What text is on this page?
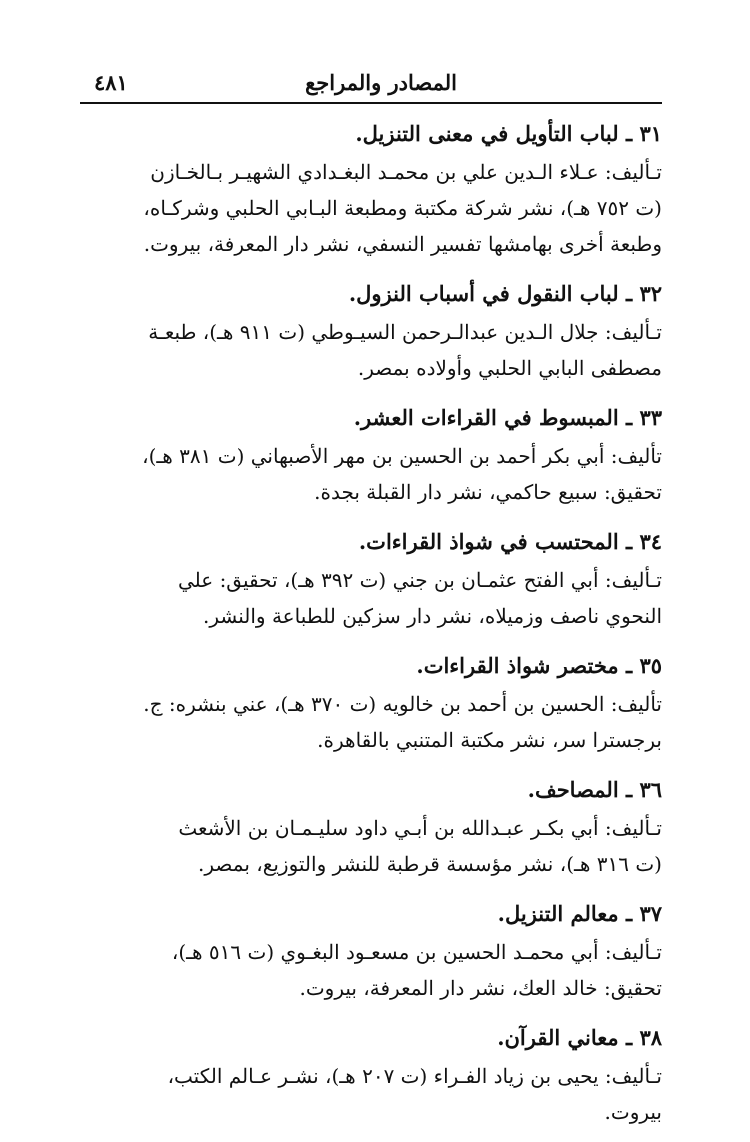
٤٨١	المصادر والمراجع
٣١ ـ لباب التأويل في معنى التنزيل.
تـأليف: عـلاء الـدين علي بن محمـد البغـدادي الشهيـر بـالخـازن
(ت ٧٥٢ هـ)، نشر شركة مكتبة ومطبعة البـابي الحلبي وشركـاه،
وطبعة أخرى بهامشها تفسير النسفي، نشر دار المعرفة، بيروت.
٣٢ ـ لباب النقول في أسباب النزول.
تـأليف: جلال الـدين عبدالـرحمن السيـوطي (ت ٩١١ هـ)، طبعـة
مصطفى البابي الحلبي وأولاده بمصر.
٣٣ ـ المبسوط في القراءات العشر.
تأليف: أبي بكر أحمد بن الحسين بن مهر الأصبهاني (ت ٣٨١ هـ)،
تحقيق: سبيع حاكمي، نشر دار القبلة بجدة.
٣٤ ـ المحتسب في شواذ القراءات.
تـأليف: أبي الفتح عثمـان بن جني (ت ٣٩٢ هـ)، تحقيق: علي
النحوي ناصف وزميلاه، نشر دار سزكين للطباعة والنشر.
٣٥ ـ مختصر شواذ القراءات.
تأليف: الحسين بن أحمد بن خالويه (ت ٣٧٠ هـ)، عني بنشره: ج.
برجسترا سر، نشر مكتبة المتنبي بالقاهرة.
٣٦ ـ المصاحف.
تـأليف: أبي بكـر عبـدالله بن أبـي داود سليـمـان بن الأشعث
(ت ٣١٦ هـ)، نشر مؤسسة قرطبة للنشر والتوزيع، بمصر.
٣٧ ـ معالم التنزيل.
تـأليف: أبي محمـد الحسين بن مسعـود البغـوي (ت ٥١٦ هـ)،
تحقيق: خالد العك، نشر دار المعرفة، بيروت.
٣٨ ـ معاني القرآن.
تـأليف: يحيى بن زياد الفـراء (ت ٢٠٧ هـ)، نشـر عـالم الكتب،
بيروت.
